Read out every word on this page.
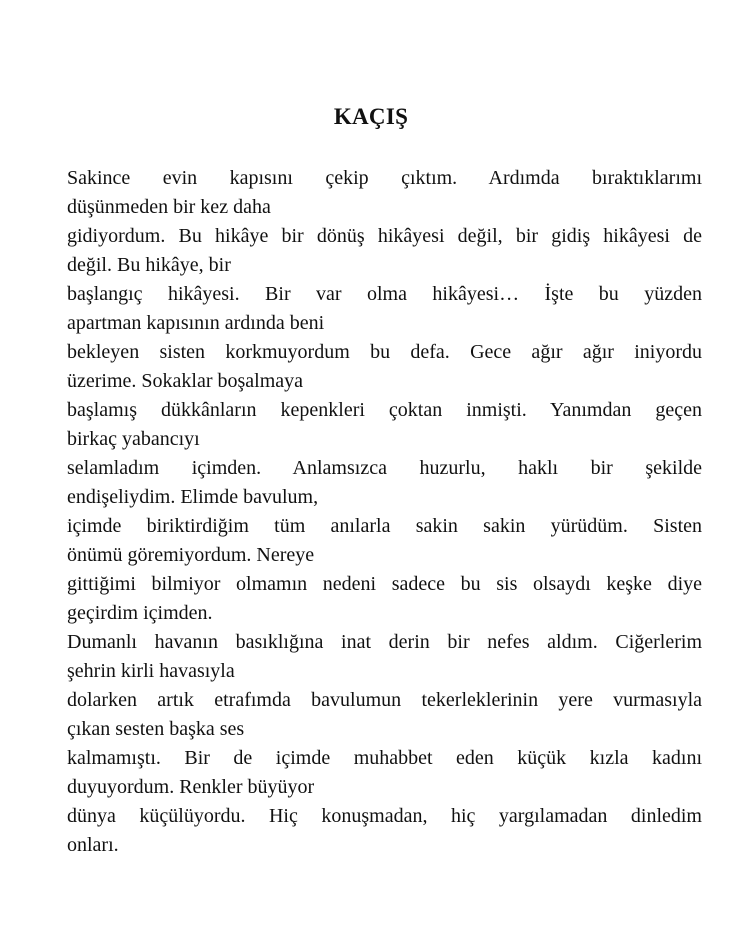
KAÇIŞ

Sakince evin kapısını çekip çıktım. Ardımda bıraktıklarımı

düşünmeden bir kez daha

gidiyordum. Bu hikâye bir dönüş hikâyesi değil, bir gidiş hikâyesi de

değil. Bu hikâye, bir

başlangıç hikâyesi. Bir var olma hikâyesi… İşte bu yüzden

apartman kapısının ardında beni

bekleyen sisten korkmuyordum bu defa. Gece ağır ağır iniyordu

üzerime. Sokaklar boşalmaya

başlamış dükkânların kepenkleri çoktan inmişti. Yanımdan geçen

birkaç yabancıyı

selamladım içimden. Anlamsızca huzurlu, haklı bir şekilde

endişeliydim. Elimde bavulum,

içimde biriktirdiğim tüm anılarla sakin sakin yürüdüm. Sisten

önümü göremiyordum. Nereye

gittiğimi bilmiyor olmamın nedeni sadece bu sis olsaydı keşke diye

geçirdim içimden.

Dumanlı havanın basıklığına inat derin bir nefes aldım. Ciğerlerim

şehrin kirli havasıyla

dolarken artık etrafımda bavulumun tekerleklerinin yere vurmasıyla

çıkan sesten başka ses

kalmamıştı. Bir de içimde muhabbet eden küçük kızla kadını

duyuyordum. Renkler büyüyor

dünya küçülüyordu. Hiç konuşmadan, hiç yargılamadan dinledim

onları.
